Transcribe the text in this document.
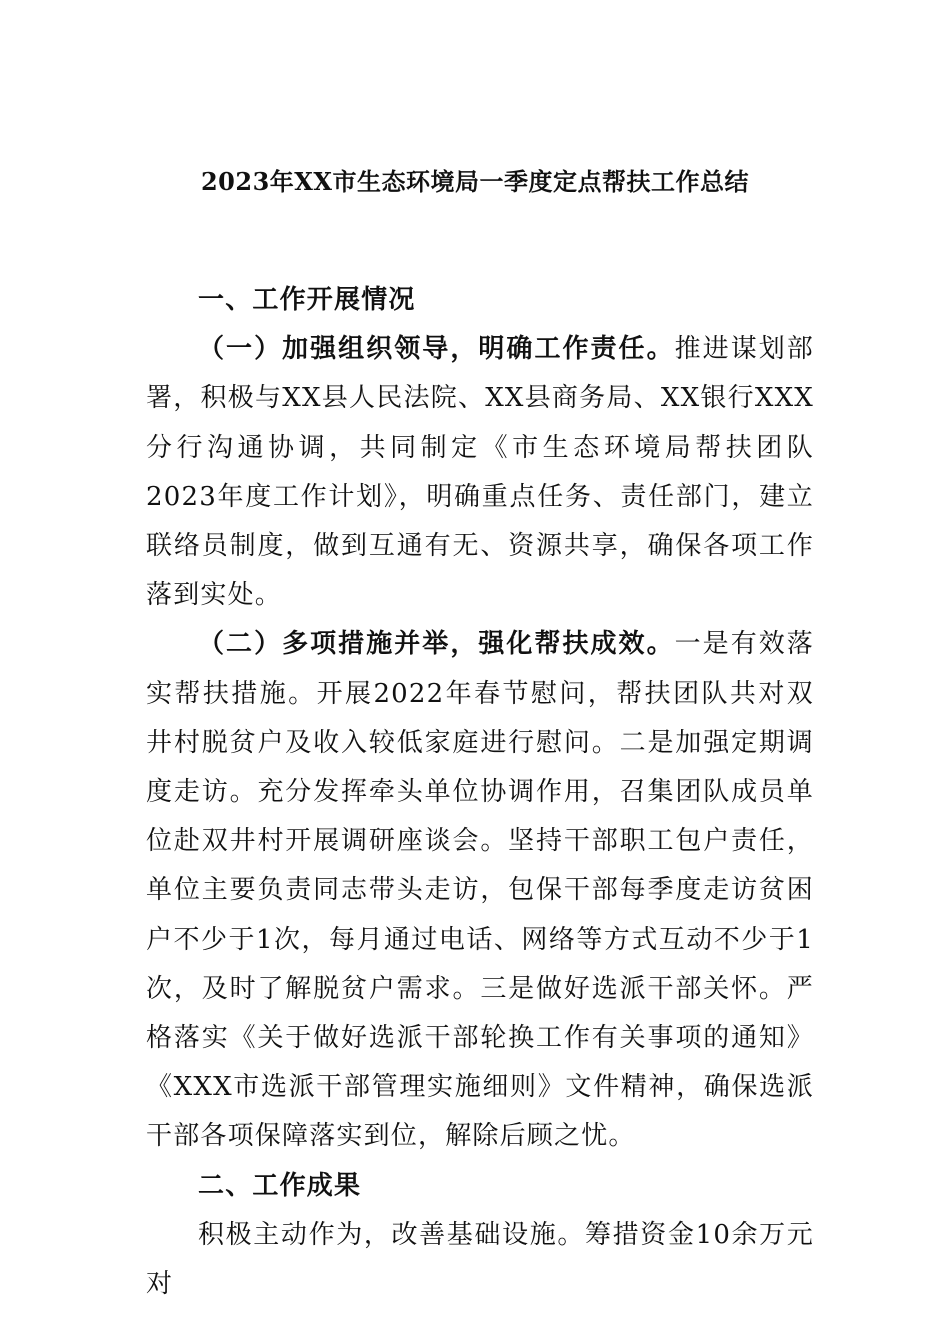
2023年XX市生态环境局一季度定点帮扶工作总结

一、工作开展情况

（一）加强组织领导，明确工作责任。推进谋划部署，积极与XX县人民法院、XX县商务局、XX银行XXX分行沟通协调，共同制定《市生态环境局帮扶团队2023年度工作计划》，明确重点任务、责任部门，建立联络员制度，做到互通有无、资源共享，确保各项工作落到实处。

（二）多项措施并举，强化帮扶成效。一是有效落实帮扶措施。开展2022年春节慰问，帮扶团队共对双井村脱贫户及收入较低家庭进行慰问。二是加强定期调度走访。充分发挥牵头单位协调作用，召集团队成员单位赴双井村开展调研座谈会。坚持干部职工包户责任，单位主要负责同志带头走访，包保干部每季度走访贫困户不少于1次，每月通过电话、网络等方式互动不少于1次，及时了解脱贫户需求。三是做好选派干部关怀。严格落实《关于做好选派干部轮换工作有关事项的通知》《XXX市选派干部管理实施细则》文件精神，确保选派干部各项保障落实到位，解除后顾之忧。

二、工作成果

积极主动作为，改善基础设施。筹措资金10余万元对
